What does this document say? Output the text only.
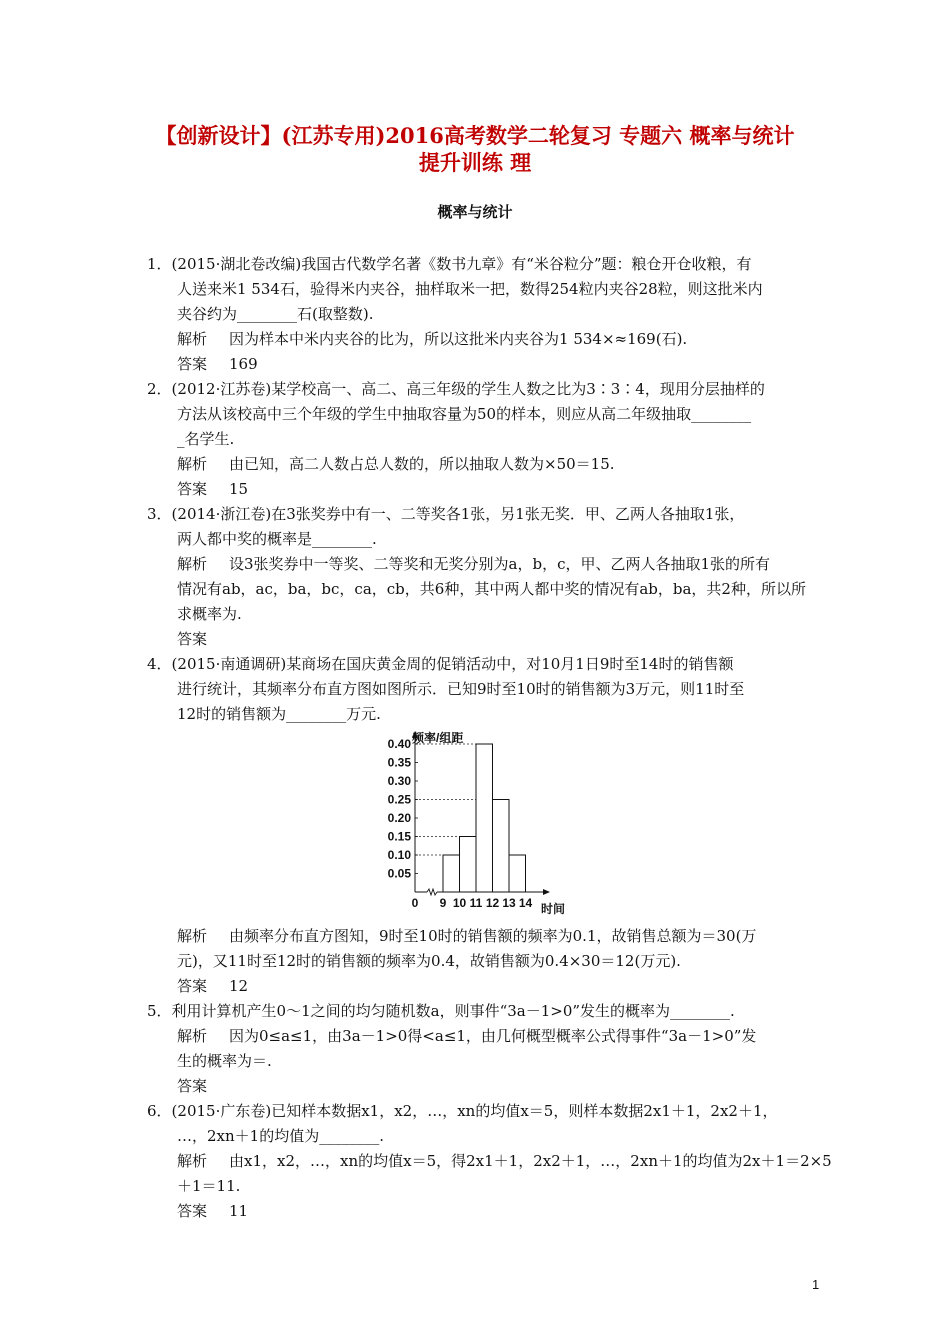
【创新设计】(江苏专用)2016高考数学二轮复习 专题六 概率与统计
提升训练 理
概率与统计
1．(2015·湖北卷改编)我国古代数学名著《数书九章》有“米谷粒分”题：粮仓开仓收粮，有
人送来米1 534石，验得米内夹谷，抽样取米一把，数得254粒内夹谷28粒，则这批米内
夹谷约为________石(取整数).
解析 因为样本中米内夹谷的比为，所以这批米内夹谷为1 534×≈169(石).
答案 169
2．(2012·江苏卷)某学校高一、高二、高三年级的学生人数之比为3∶3∶4，现用分层抽样的
方法从该校高中三个年级的学生中抽取容量为50的样本，则应从高二年级抽取________
_名学生.
解析 由已知，高二人数占总人数的，所以抽取人数为×50＝15.
答案 15
3．(2014·浙江卷)在3张奖券中有一、二等奖各1张，另1张无奖．甲、乙两人各抽取1张，
两人都中奖的概率是________.
解析 设3张奖券中一等奖、二等奖和无奖分别为a，b，c，甲、乙两人各抽取1张的所有
情况有ab，ac，ba，bc，ca，cb，共6种，其中两人都中奖的情况有ab，ba，共2种，所以所
求概率为.
答案
4．(2015·南通调研)某商场在国庆黄金周的促销活动中，对10月1日9时至14时的销售额
进行统计，其频率分布直方图如图所示．已知9时至10时的销售额为3万元，则11时至
12时的销售额为________万元.
0.05
0.10
0.15
0.20
0.25
0.30
0.35
0.40
0 9 10 11 12 13 14
频率/组距
时间
解析 由频率分布直方图知，9时至10时的销售额的频率为0.1，故销售总额为＝30(万
元)，又11时至12时的销售额的频率为0.4，故销售额为0.4×30＝12(万元).
答案 12
5．利用计算机产生0～1之间的均匀随机数a，则事件“3a－1>0”发生的概率为________.
解析 因为0≤a≤1，由3a－1>0得<a≤1，由几何概型概率公式得事件“3a－1>0”发
生的概率为＝.
答案
6．(2015·广东卷)已知样本数据x1，x2，…，xn的均值x＝5，则样本数据2x1＋1，2x2＋1，
…，2xn＋1的均值为________.
解析 由x1，x2，…，xn的均值x＝5，得2x1＋1，2x2＋1，…，2xn＋1的均值为2x＋1＝2×5
＋1＝11.
答案 11
1
